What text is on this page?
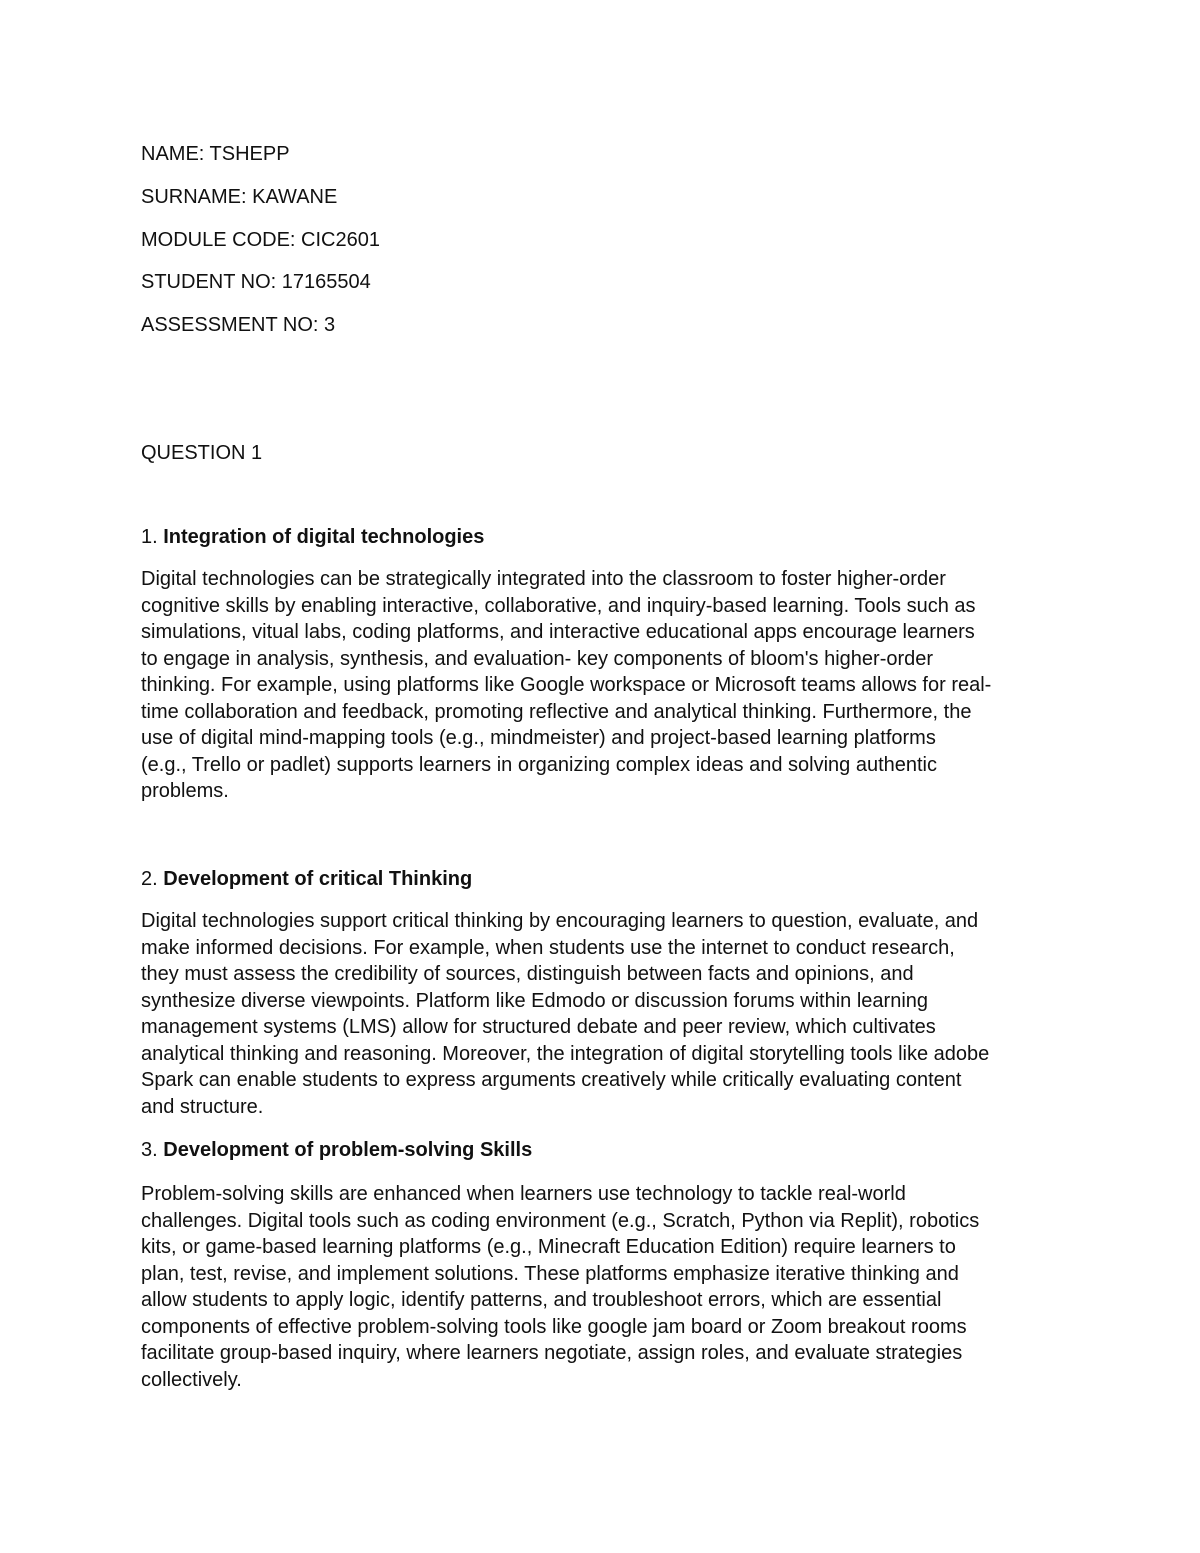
NAME: TSHEPP
SURNAME: KAWANE
MODULE CODE: CIC2601
STUDENT NO: 17165504
ASSESSMENT NO: 3
QUESTION 1
1. Integration of digital technologies
Digital technologies can be strategically integrated into the classroom to foster higher-order
cognitive skills by enabling interactive, collaborative, and inquiry-based learning. Tools such as
simulations, vitual labs, coding platforms, and interactive educational apps encourage learners
to engage in analysis, synthesis, and evaluation- key components of bloom's higher-order
thinking. For example, using platforms like Google workspace or Microsoft teams allows for real-
time collaboration and feedback, promoting reflective and analytical thinking. Furthermore, the
use of digital mind-mapping tools (e.g., mindmeister) and project-based learning platforms
(e.g., Trello or padlet) supports learners in organizing complex ideas and solving authentic
problems.
2. Development of critical Thinking
Digital technologies support critical thinking by encouraging learners to question, evaluate, and
make informed decisions. For example, when students use the internet to conduct research,
they must assess the credibility of sources, distinguish between facts and opinions, and
synthesize diverse viewpoints. Platform like Edmodo or discussion forums within learning
management systems (LMS) allow for structured debate and peer review, which cultivates
analytical thinking and reasoning. Moreover, the integration of digital storytelling tools like adobe
Spark can enable students to express arguments creatively while critically evaluating content
and structure.
3. Development of problem-solving Skills
Problem-solving skills are enhanced when learners use technology to tackle real-world
challenges. Digital tools such as coding environment (e.g., Scratch, Python via Replit), robotics
kits, or game-based learning platforms (e.g., Minecraft Education Edition) require learners to
plan, test, revise, and implement solutions. These platforms emphasize iterative thinking and
allow students to apply logic, identify patterns, and troubleshoot errors, which are essential
components of effective problem-solving tools like google jam board or Zoom breakout rooms
facilitate group-based inquiry, where learners negotiate, assign roles, and evaluate strategies
collectively.
